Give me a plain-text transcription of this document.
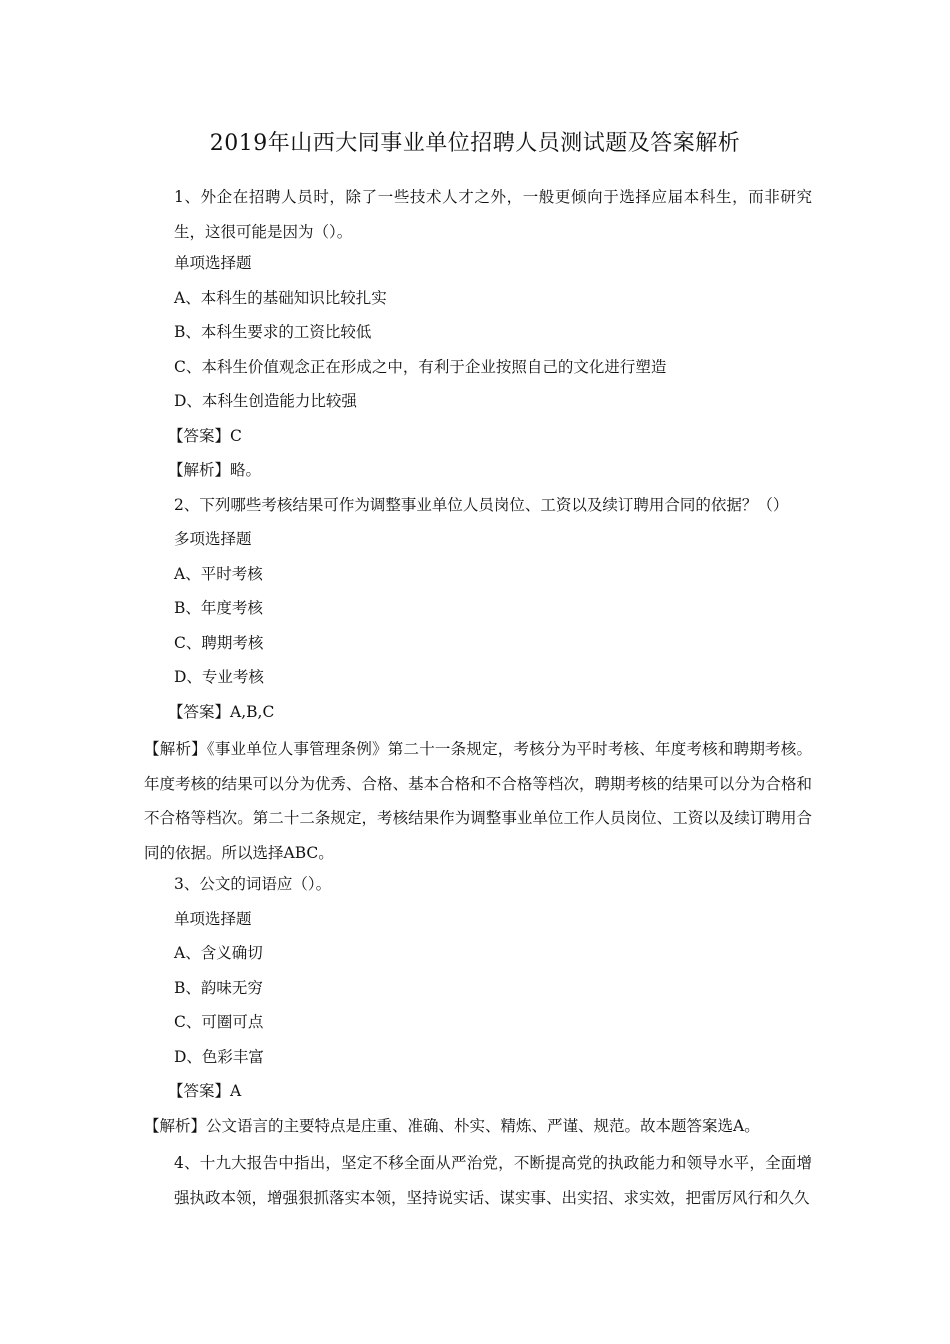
2019年山西大同事业单位招聘人员测试题及答案解析
1、外企在招聘人员时，除了一些技术人才之外，一般更倾向于选择应届本科生，而非研究生，这很可能是因为（）。
单项选择题
A、本科生的基础知识比较扎实
B、本科生要求的工资比较低
C、本科生价值观念正在形成之中，有利于企业按照自己的文化进行塑造
D、本科生创造能力比较强
【答案】C
【解析】略。
2、下列哪些考核结果可作为调整事业单位人员岗位、工资以及续订聘用合同的依据？（）
多项选择题
A、平时考核
B、年度考核
C、聘期考核
D、专业考核
【答案】A,B,C
【解析】《事业单位人事管理条例》第二十一条规定，考核分为平时考核、年度考核和聘期考核。年度考核的结果可以分为优秀、合格、基本合格和不合格等档次，聘期考核的结果可以分为合格和不合格等档次。第二十二条规定，考核结果作为调整事业单位工作人员岗位、工资以及续订聘用合同的依据。所以选择ABC。
3、公文的词语应（）。
单项选择题
A、含义确切
B、韵味无穷
C、可圈可点
D、色彩丰富
【答案】A
【解析】公文语言的主要特点是庄重、准确、朴实、精炼、严谨、规范。故本题答案选A。
4、十九大报告中指出，坚定不移全面从严治党，不断提高党的执政能力和领导水平，全面增强执政本领，增强狠抓落实本领，坚持说实话、谋实事、出实招、求实效，把雷厉风行和久久
